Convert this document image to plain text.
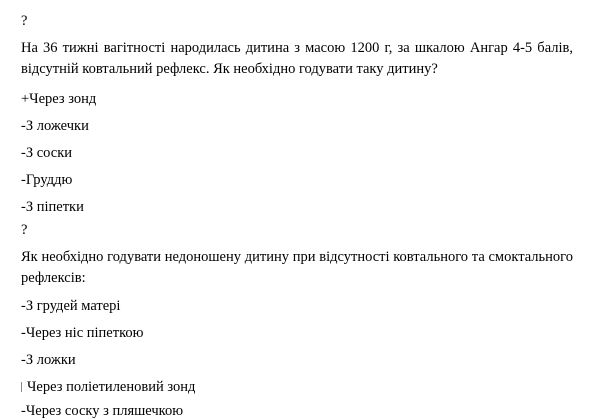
?
На 36 тижні вагітності народилась дитина з масою 1200 г, за шкалою Ангар 4-5 балів, відсутній ковтальний рефлекс. Як необхідно годувати таку дитину?
+Через зонд
-З ложечки
-З соски
-Груддю
-З піпетки
?
Як необхідно годувати недоношену дитину при відсутності ковтального та смоктального рефлексів:
-З грудей матері
-Через ніс піпеткою
-З ложки
Через поліетиленовий зонд
-Через соску з пляшечкою
